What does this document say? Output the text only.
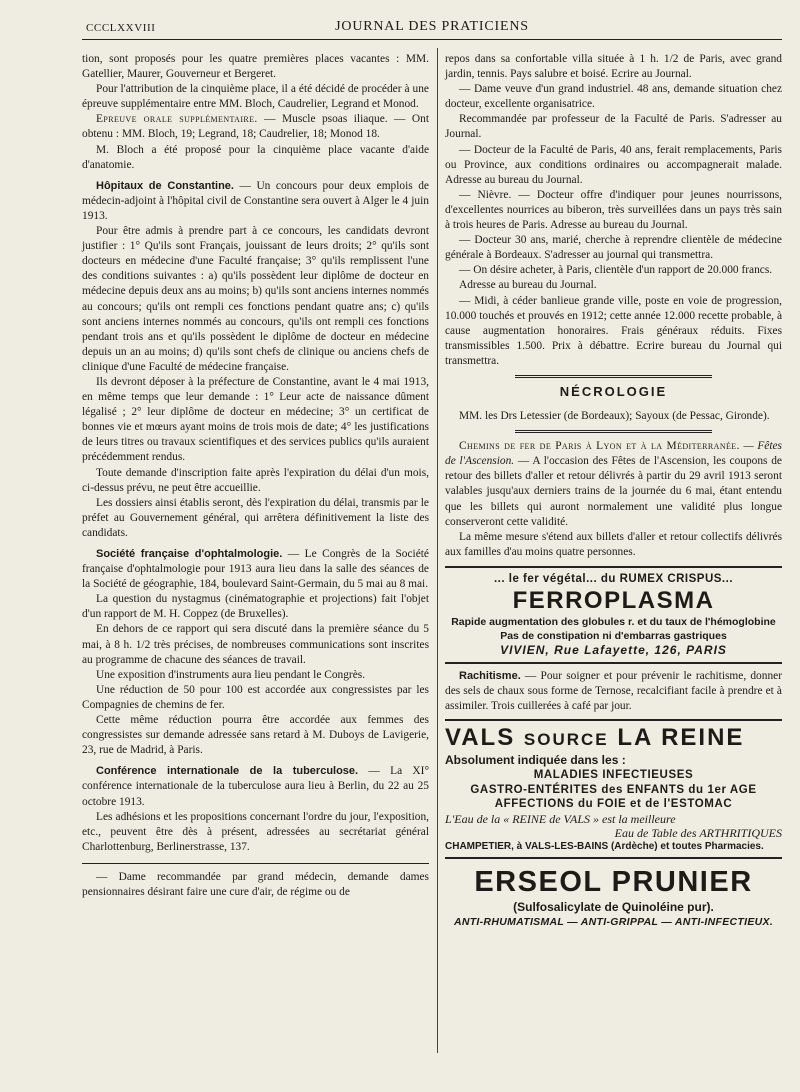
CCCLXXVIII	JOURNAL DES PRATICIENS

tion, sont proposés pour les quatre premières places vacantes : MM. Gatellier, Maurer, Gouverneur et Bergeret.

Pour l'attribution de la cinquième place, il a été décidé de procéder à une épreuve supplémentaire entre MM. Bloch, Caudrelier, Legrand et Monod.

Epreuve orale supplémentaire. — Muscle psoas iliaque. — Ont obtenu : MM. Bloch, 19; Legrand, 18; Caudrelier, 18; Monod 18.

M. Bloch a été proposé pour la cinquième place vacante d'aide d'anatomie.

Hôpitaux de Constantine. — Un concours pour deux emplois de médecin-adjoint à l'hôpital civil de Constantine sera ouvert à Alger le 4 juin 1913.

Pour être admis à prendre part à ce concours, les candidats devront justifier : 1° Qu'ils sont Français, jouissant de leurs droits; 2° qu'ils sont docteurs en médecine d'une Faculté française; 3° qu'ils remplissent l'une des conditions suivantes : a) qu'ils possèdent leur diplôme de docteur en médecine depuis deux ans au moins; b) qu'ils sont anciens internes nommés au concours; qu'ils ont rempli ces fonctions pendant quatre ans; c) qu'ils sont anciens internes nommés au concours, qu'ils ont rempli ces fonctions pendant trois ans et qu'ils possèdent le diplôme de docteur en médecine depuis un an au moins; d) qu'ils sont chefs de clinique ou anciens chefs de clinique d'une Faculté de médecine française.

Ils devront déposer à la préfecture de Constantine, avant le 4 mai 1913, en même temps que leur demande : 1° Leur acte de naissance dûment légalisé ; 2° leur diplôme de docteur en médecine; 3° un certificat de bonnes vie et mœurs ayant moins de trois mois de date; 4° les justifications de leurs titres ou travaux scientifiques et des services publics qu'ils auraient précédemment rendus.

Toute demande d'inscription faite après l'expiration du délai d'un mois, ci-dessus prévu, ne peut être accueillie.

Les dossiers ainsi établis seront, dès l'expiration du délai, transmis par le préfet au Gouvernement général, qui arrêtera définitivement la liste des candidats.

Société française d'ophtalmologie. — Le Congrès de la Société française d'ophtalmologie pour 1913 aura lieu dans la salle des séances de la Société de géographie, 184, boulevard Saint-Germain, du 5 mai au 8 mai.

La question du nystagmus (cinématographie et projections) fait l'objet d'un rapport de M. H. Coppez (de Bruxelles).

En dehors de ce rapport qui sera discuté dans la première séance du 5 mai, à 8 h. 1/2 très précises, de nombreuses communications sont inscrites au programme de chacune des séances de travail.

Une exposition d'instruments aura lieu pendant le Congrès.

Une réduction de 50 pour 100 est accordée aux congressistes par les Compagnies de chemins de fer.

Cette même réduction pourra être accordée aux femmes des congressistes sur demande adressée sans retard à M. Duboys de Lavigerie, 23, rue de Madrid, à Paris.

Conférence internationale de la tuberculose. — La XI° conférence internationale de la tuberculose aura lieu à Berlin, du 22 au 25 octobre 1913.

Les adhésions et les propositions concernant l'ordre du jour, l'exposition, etc., peuvent être dès à présent, adressées au secrétariat général Charlottenburg, Berlinerstrasse, 137.

— Dame recommandée par grand médecin, demande dames pensionnaires désirant faire une cure d'air, de régime ou de

repos dans sa confortable villa située à 1 h. 1/2 de Paris, avec grand jardin, tennis. Pays salubre et boisé. Ecrire au Journal.

— Dame veuve d'un grand industriel. 48 ans, demande situation chez docteur, excellente organisatrice.

Recommandée par professeur de la Faculté de Paris. S'adresser au Journal.

— Docteur de la Faculté de Paris, 40 ans, ferait remplacements, Paris ou Province, aux conditions ordinaires ou accompagnerait malade. Adresse au bureau du Journal.

— Nièvre. — Docteur offre d'indiquer pour jeunes nourrissons, d'excellentes nourrices au biberon, très surveillées dans un pays très sain à trois heures de Paris. Adresse au bureau du Journal.

— Docteur 30 ans, marié, cherche à reprendre clientèle de médecine générale à Bordeaux. S'adresser au journal qui transmettra.

— On désire acheter, à Paris, clientèle d'un rapport de 20.000 francs.

Adresse au bureau du Journal.

— Midi, à céder banlieue grande ville, poste en voie de progression, 10.000 touchés et prouvés en 1912; cette année 12.000 recette probable, à cause augmentation honoraires. Frais généraux réduits. Fixes transmissibles 1.500. Prix à débattre. Ecrire bureau du Journal qui transmettra.

NÉCROLOGIE

MM. les Drs Letessier (de Bordeaux); Sayoux (de Pessac, Gironde).

Chemins de fer de Paris à Lyon et à la Méditerranée. — Fêtes de l'Ascension. — A l'occasion des Fêtes de l'Ascension, les coupons de retour des billets d'aller et retour délivrés à partir du 29 avril 1913 seront valables jusqu'aux derniers trains de la journée du 6 mai, étant entendu que les billets qui auront normalement une validité plus longue conserveront cette validité.

La même mesure s'étend aux billets d'aller et retour collectifs délivrés aux familles d'au moins quatre personnes.

... le fer végétal... du RUMEX CRISPUS...
FERROPLASMA
Rapide augmentation des globules r. et du taux de l'hémoglobine
Pas de constipation ni d'embarras gastriques
VIVIEN, Rue Lafayette, 126, PARIS

Rachitisme. — Pour soigner et pour prévenir le rachitisme, donner des sels de chaux sous forme de Ternose, recalcifiant facile à prendre et à assimiler. Trois cuillerées à café par jour.

VALS SOURCE LA REINE
Absolument indiquée dans les :
MALADIES INFECTIEUSES
GASTRO-ENTÉRITES des ENFANTS du 1er AGE
AFFECTIONS du FOIE et de l'ESTOMAC
L'Eau de la « REINE de VALS » est la meilleure
Eau de Table des ARTHRITIQUES
CHAMPETIER, à VALS-LES-BAINS (Ardèche) et toutes Pharmacies.
ERSEOL PRUNIER
(Sulfosalicylate de Quinoléine pur).
ANTI-RHUMATISMAL — ANTI-GRIPPAL — ANTI-INFECTIEUX.
